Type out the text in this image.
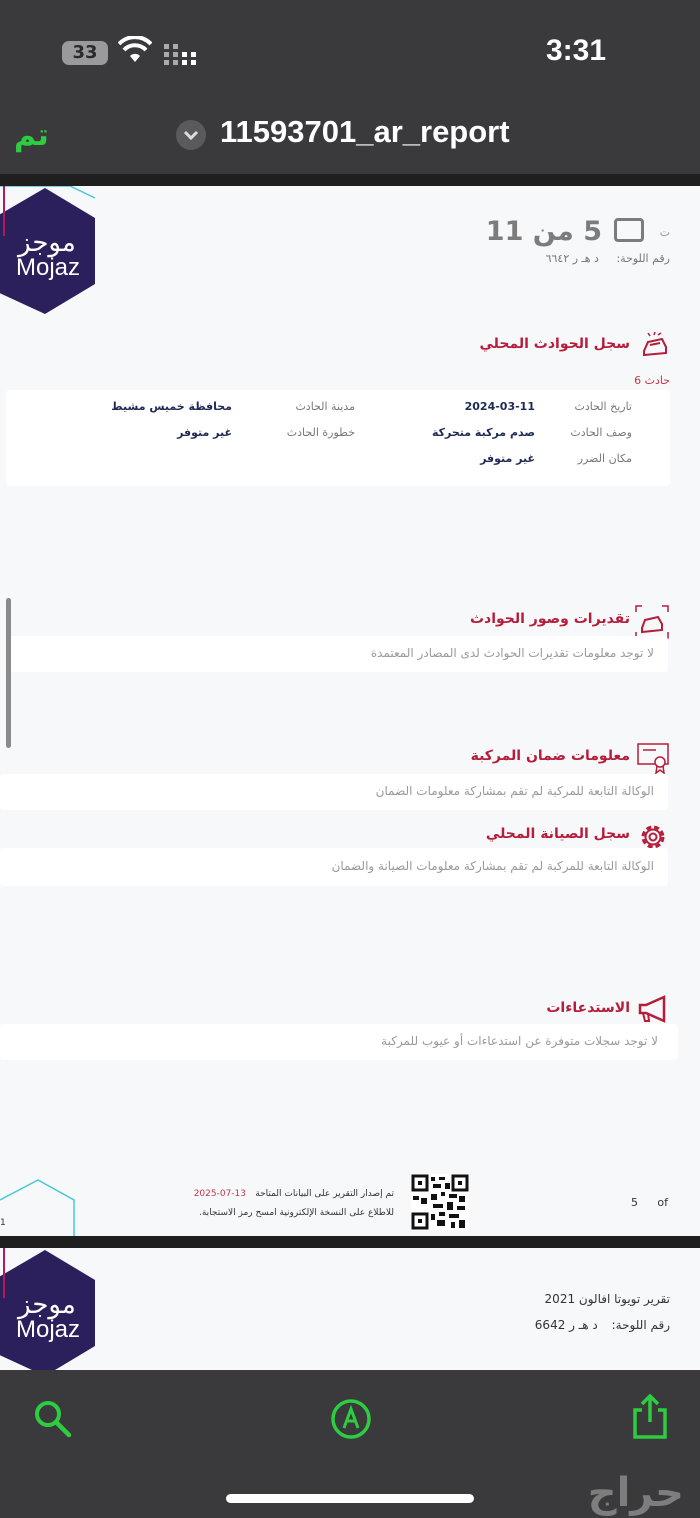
33	3:31
تم	11593701_ar_report
موجز
Mojaz
ت
5 من 11
رقم اللوحة: د هـ ر ٦٦٤٢
سجل الحوادث المحلي
حادث 6
تاريخ الحادث
2024-03-11
مدينة الحادث
محافظة خميس مشيط
وصف الحادث
صدم مركبة متحركة
خطورة الحادث
غير متوفر
مكان الضرر
غير متوفر
تقديرات وصور الحوادث
لا توجد معلومات تقديرات الحوادث لدى المصادر المعتمدة
معلومات ضمان المركبة
الوكالة التابعة للمركبة لم تقم بمشاركة معلومات الضمان
سجل الصيانة المحلي
الوكالة التابعة للمركبة لم تقم بمشاركة معلومات الصيانة والضمان
الاستدعاءات
لا توجد سجلات متوفرة عن استدعاءات أو عيوب للمركبة
1
تم إصدار التقرير على البيانات المتاحة
2025-07-13
للاطلاع على النسخة الإلكترونية امسح رمز الاستجابة.
5 of
موجز
Mojaz
تقرير تويوتا افالون 2021
رقم اللوحة: د هـ ر 6642
حراج
